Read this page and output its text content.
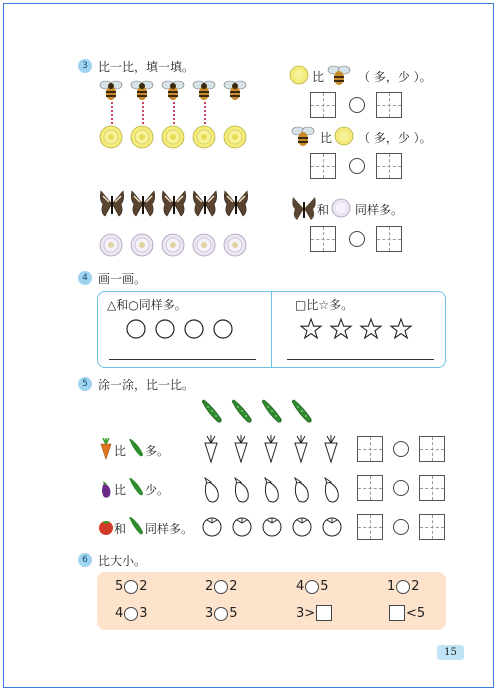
3 比一比，填一填。
比	（ 多，少 ）。
比 （ 多，少 ）。
和 同样多。
4 画一画。
△和○同样多。	□比☆多。
5 涂一涂，比一比。
比 多。
比 少。
和 同样多。
6 比大小。
5 2	2 2	4 5	1 2
4 3	3 5	3>	<5
15
